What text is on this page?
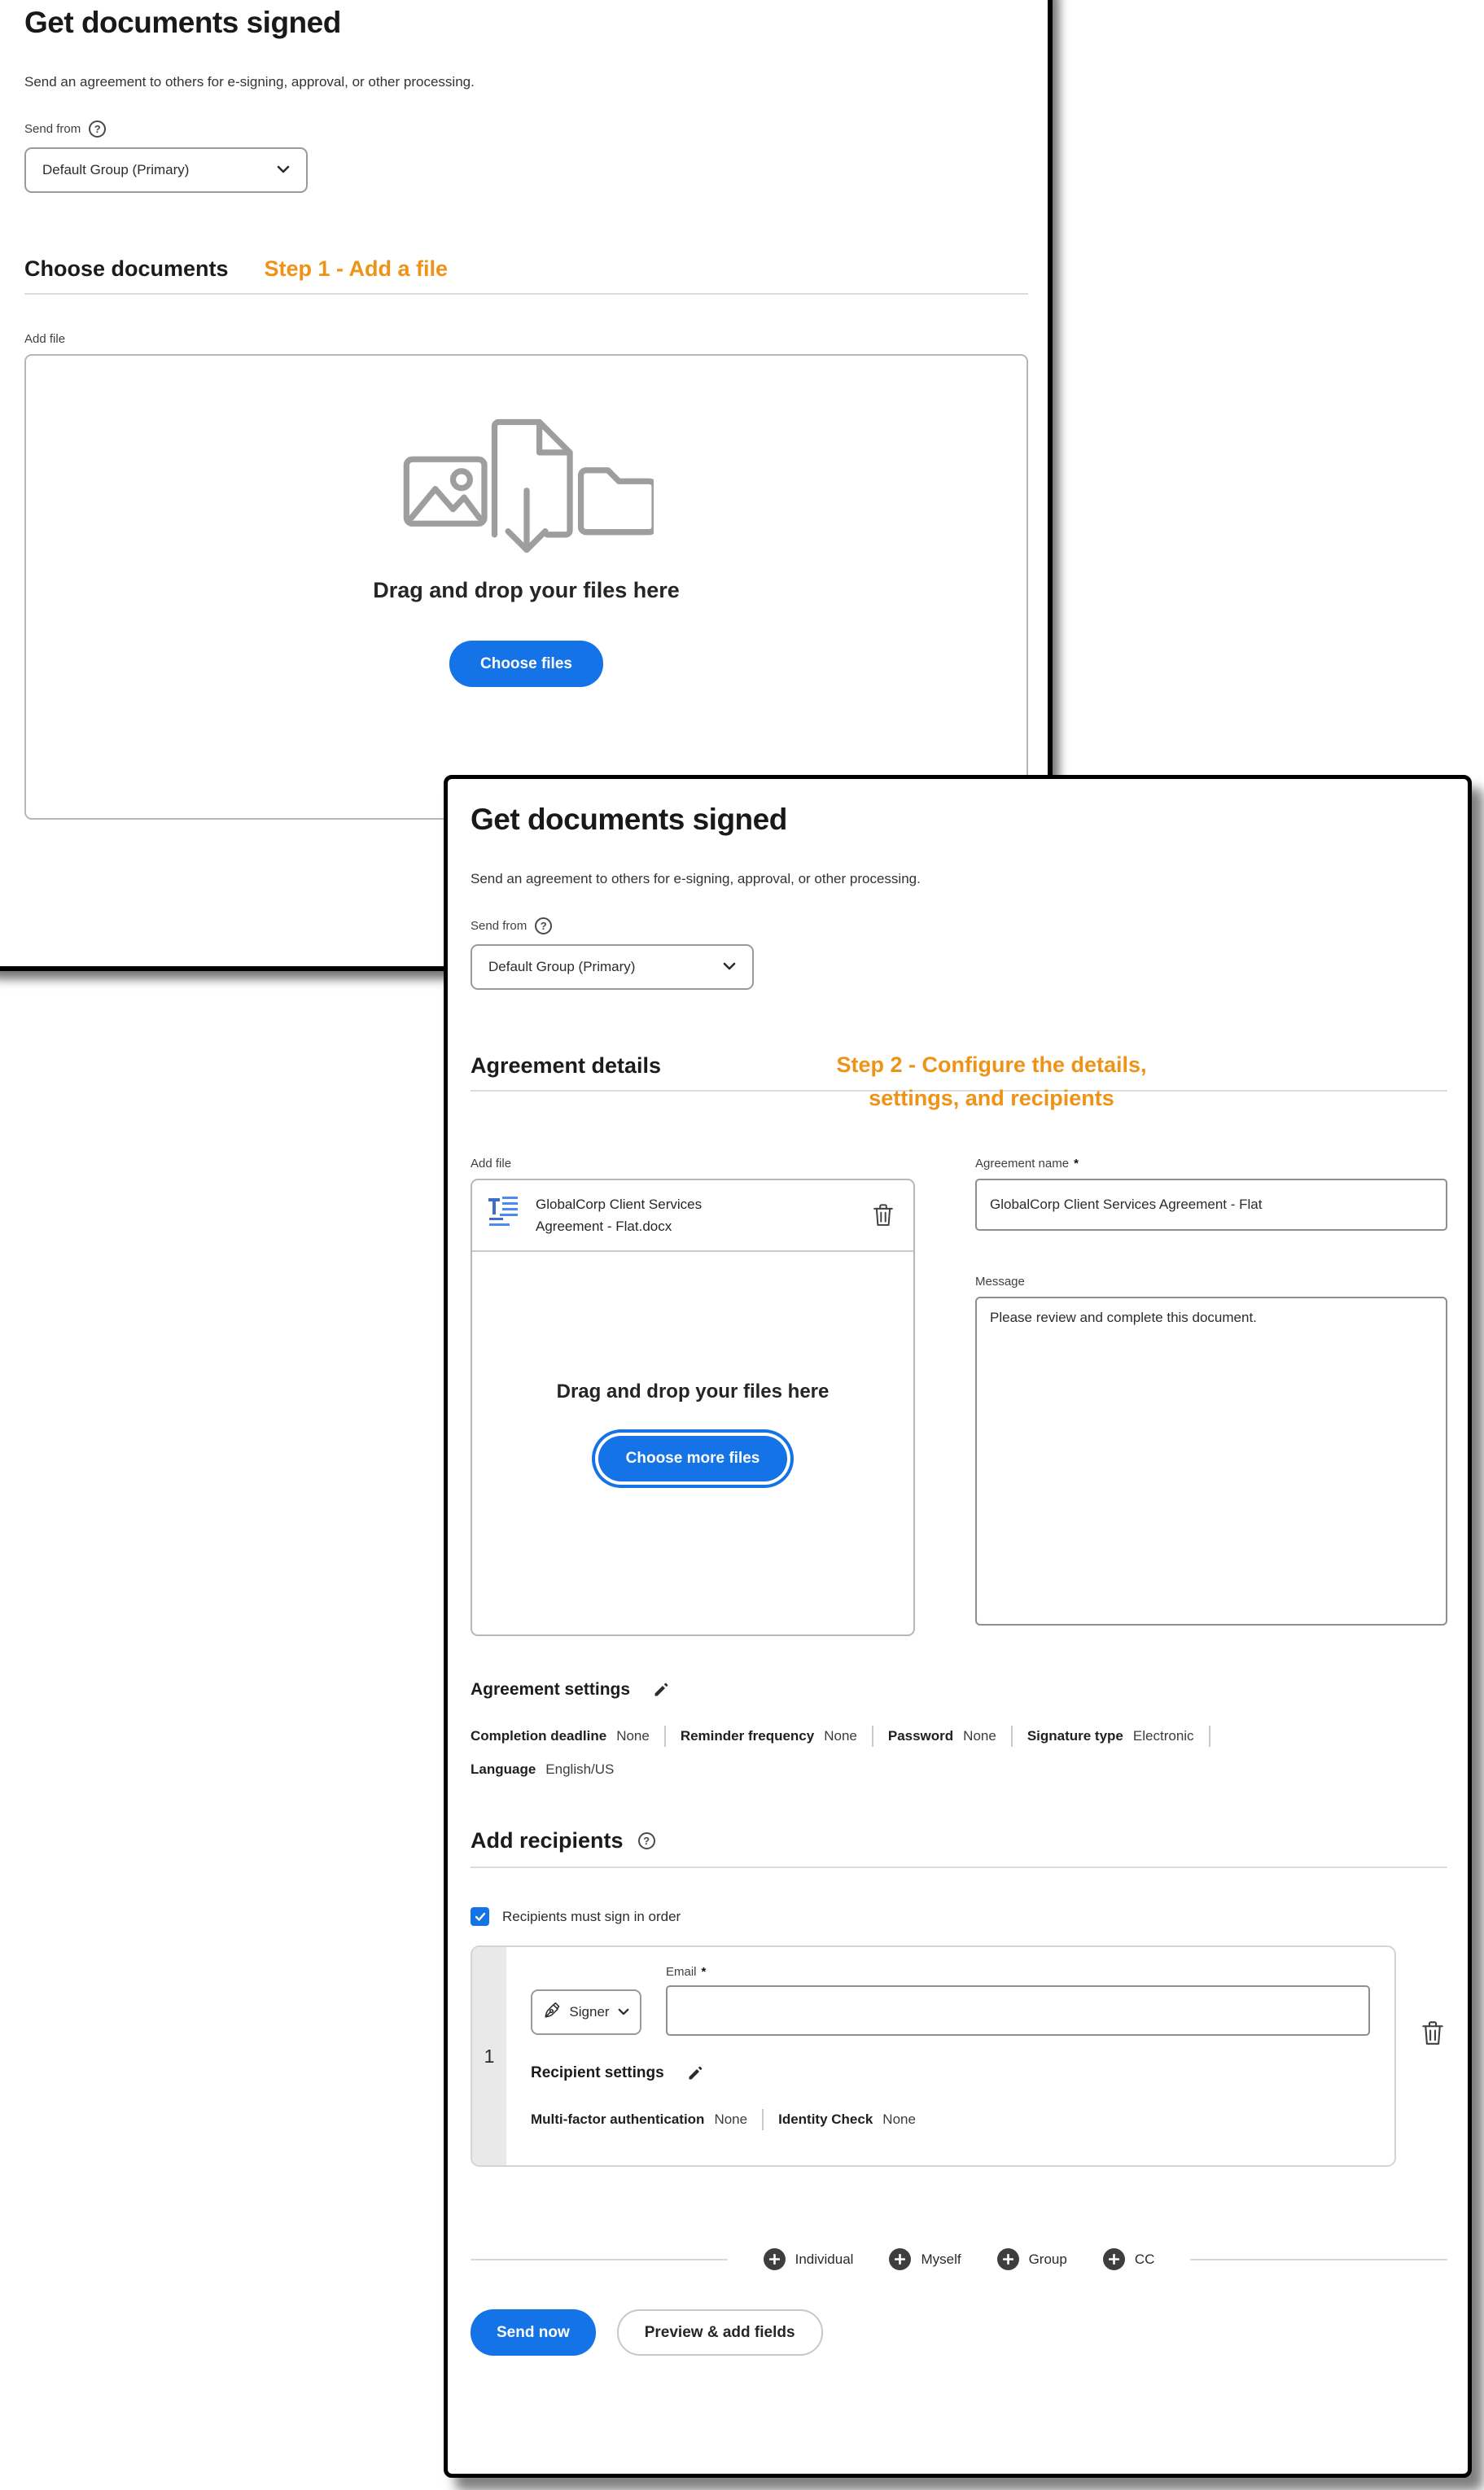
Get documents signed

Send an agreement to others for e-signing, approval, or other processing.

Send from	?
Default Group (Primary)
Choose documents Step 1 - Add a file
Add file
Drag and drop your files here
Choose files
Get documents signed

Send an agreement to others for e-signing, approval, or other processing.

Send from	?
Default Group (Primary)
Agreement details	Step 2 - Configure the details,
settings, and recipients
Add file
GlobalCorp Client Services
Agreement - Flat.docx
Drag and drop your files here
Choose more files
Agreement name *
GlobalCorp Client Services Agreement - Flat
Message
Please review and complete this document.
Agreement settings
Completion deadline None Reminder frequency None Password None Signature type Electronic
Language English/US
Add recipients	?
Recipients must sign in order
1
Signer
Email *
Recipient settings
Multi-factor authentication None Identity Check None
Individual	Myself	Group	CC
Send now	Preview & add fields
